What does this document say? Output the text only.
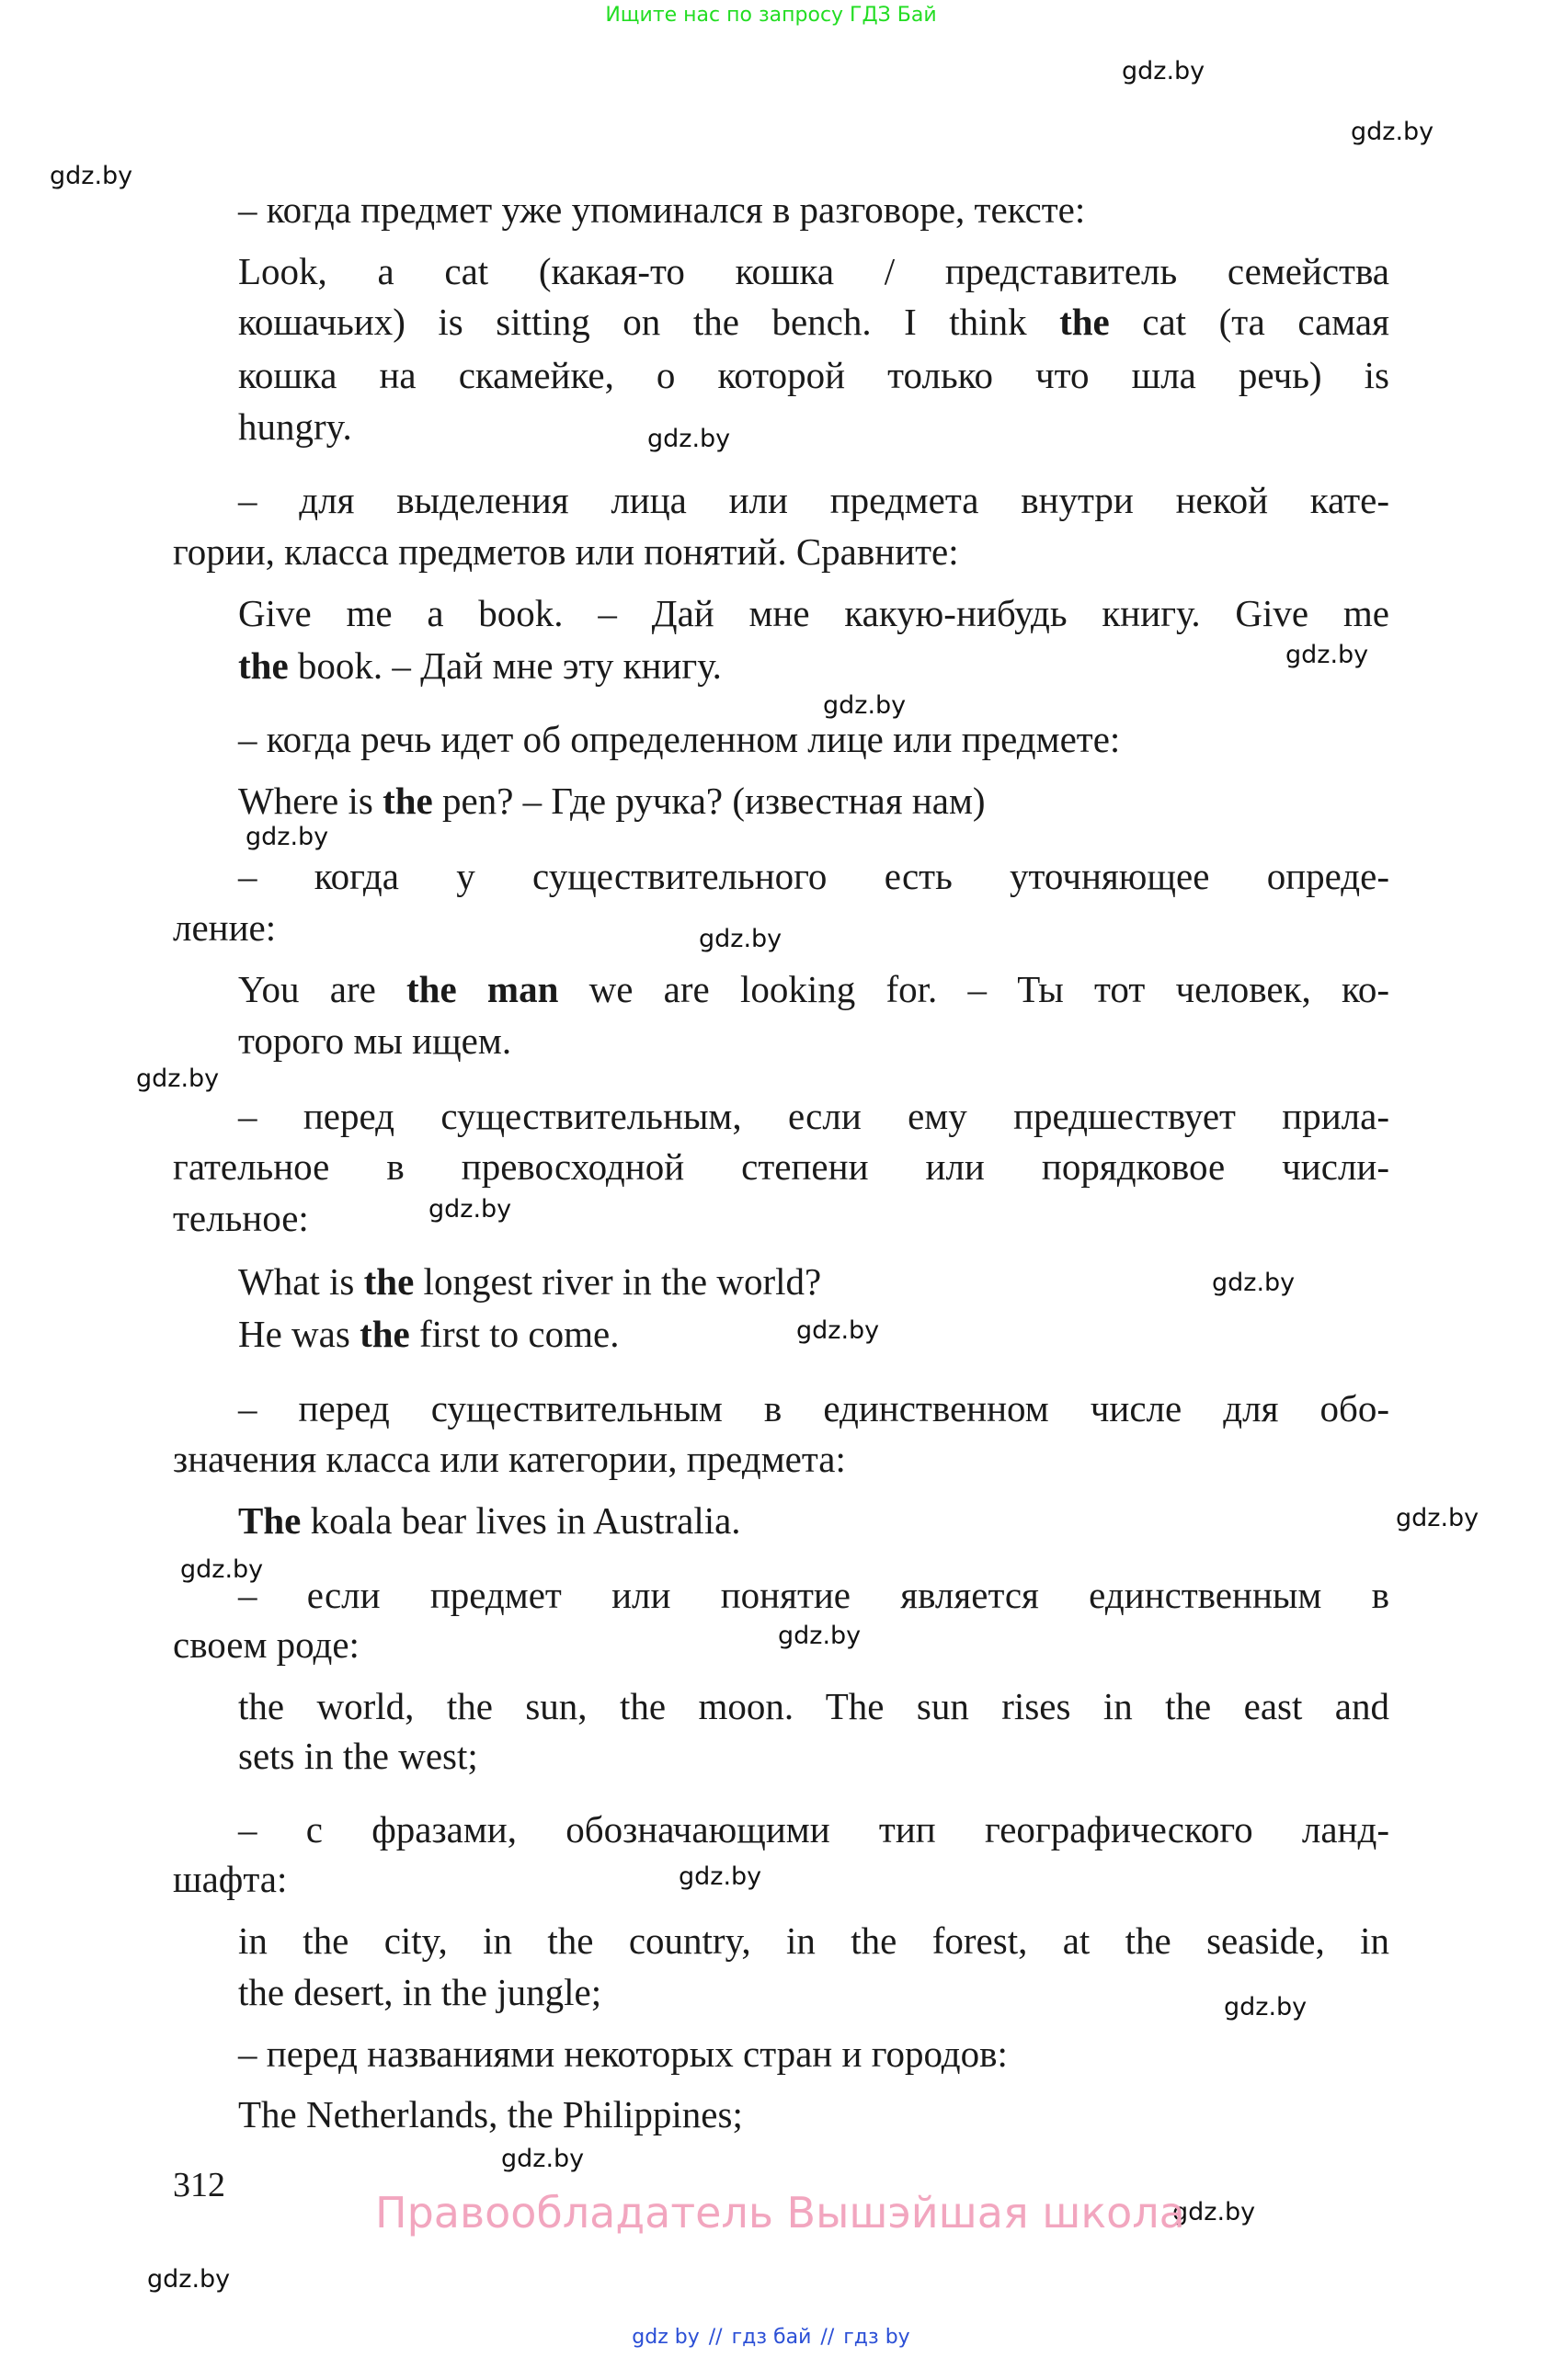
Ищите нас по запросу ГДЗ Бай
gdz.by
gdz.by
gdz.by
gdz.by
gdz.by
gdz.by
gdz.by
gdz.by
gdz.by
gdz.by
gdz.by
gdz.by
gdz.by
gdz.by
gdz.by
gdz.by
gdz.by
gdz.by
gdz.by
gdz.by
– когда предмет уже упоминался в разговоре, тексте:
Look, a cat (какая-то кошка / представитель семейства
кошачьих) is sitting on the bench. I think the cat (та самая
кошка на скамейке, о которой только что шла речь) is
hungry.
– для выделения лица или предмета внутри некой кате-
гории, класса предметов или понятий. Сравните:
Give me a book. – Дай мне какую-нибудь книгу. Give me
the book. – Дай мне эту книгу.
– когда речь идет об определенном лице или предмете:
Where is the pen? – Где ручка? (известная нам)
– когда у существительного есть уточняющее опреде-
ление:
You are the man we are looking for. – Ты тот человек, ко-
торого мы ищем.
– перед существительным, если ему предшествует прила-
гательное в превосходной степени или порядковое числи-
тельное:
What is the longest river in the world?
He was the first to come.
– перед существительным в единственном числе для обо-
значения класса или категории, предмета:
The koala bear lives in Australia.
– если предмет или понятие является единственным в
своем роде:
the world, the sun, the moon. The sun rises in the east and
sets in the west;
– с фразами, обозначающими тип географического ланд-
шафта:
in the city, in the country, in the forest, at the seaside, in
the desert, in the jungle;
– перед названиями некоторых стран и городов:
The Netherlands, the Philippines;
312
Правообладатель Вышэйшая школа
gdz by // гдз бай // гдз by
